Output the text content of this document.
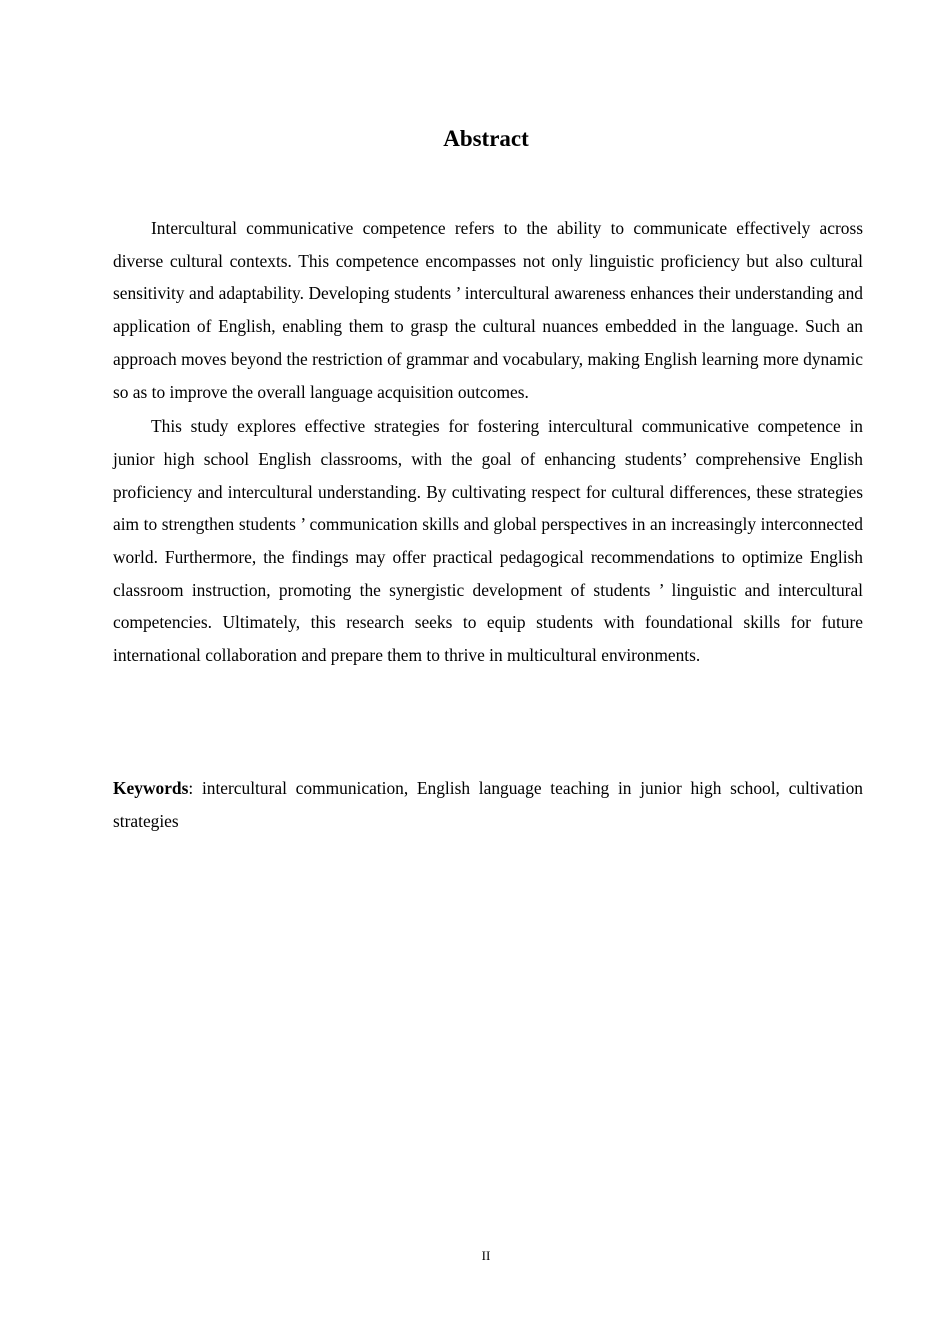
Abstract

Intercultural communicative competence refers to the ability to communicate effectively across diverse cultural contexts. This competence encompasses not only linguistic proficiency but also cultural sensitivity and adaptability. Developing students ’ intercultural awareness enhances their understanding and application of English, enabling them to grasp the cultural nuances embedded in the language. Such an approach moves beyond the restriction of grammar and vocabulary, making English learning more dynamic so as to improve the overall language acquisition outcomes.

This study explores effective strategies for fostering intercultural communicative competence in junior high school English classrooms, with the goal of enhancing students’ comprehensive English proficiency and intercultural understanding. By cultivating respect for cultural differences, these strategies aim to strengthen students ’ communication skills and global perspectives in an increasingly interconnected world. Furthermore, the findings may offer practical pedagogical recommendations to optimize English classroom instruction, promoting the synergistic development of students ’ linguistic and intercultural competencies. Ultimately, this research seeks to equip students with foundational skills for future international collaboration and prepare them to thrive in multicultural environments.

Keywords: intercultural communication, English language teaching in junior high school, cultivation strategies

II
